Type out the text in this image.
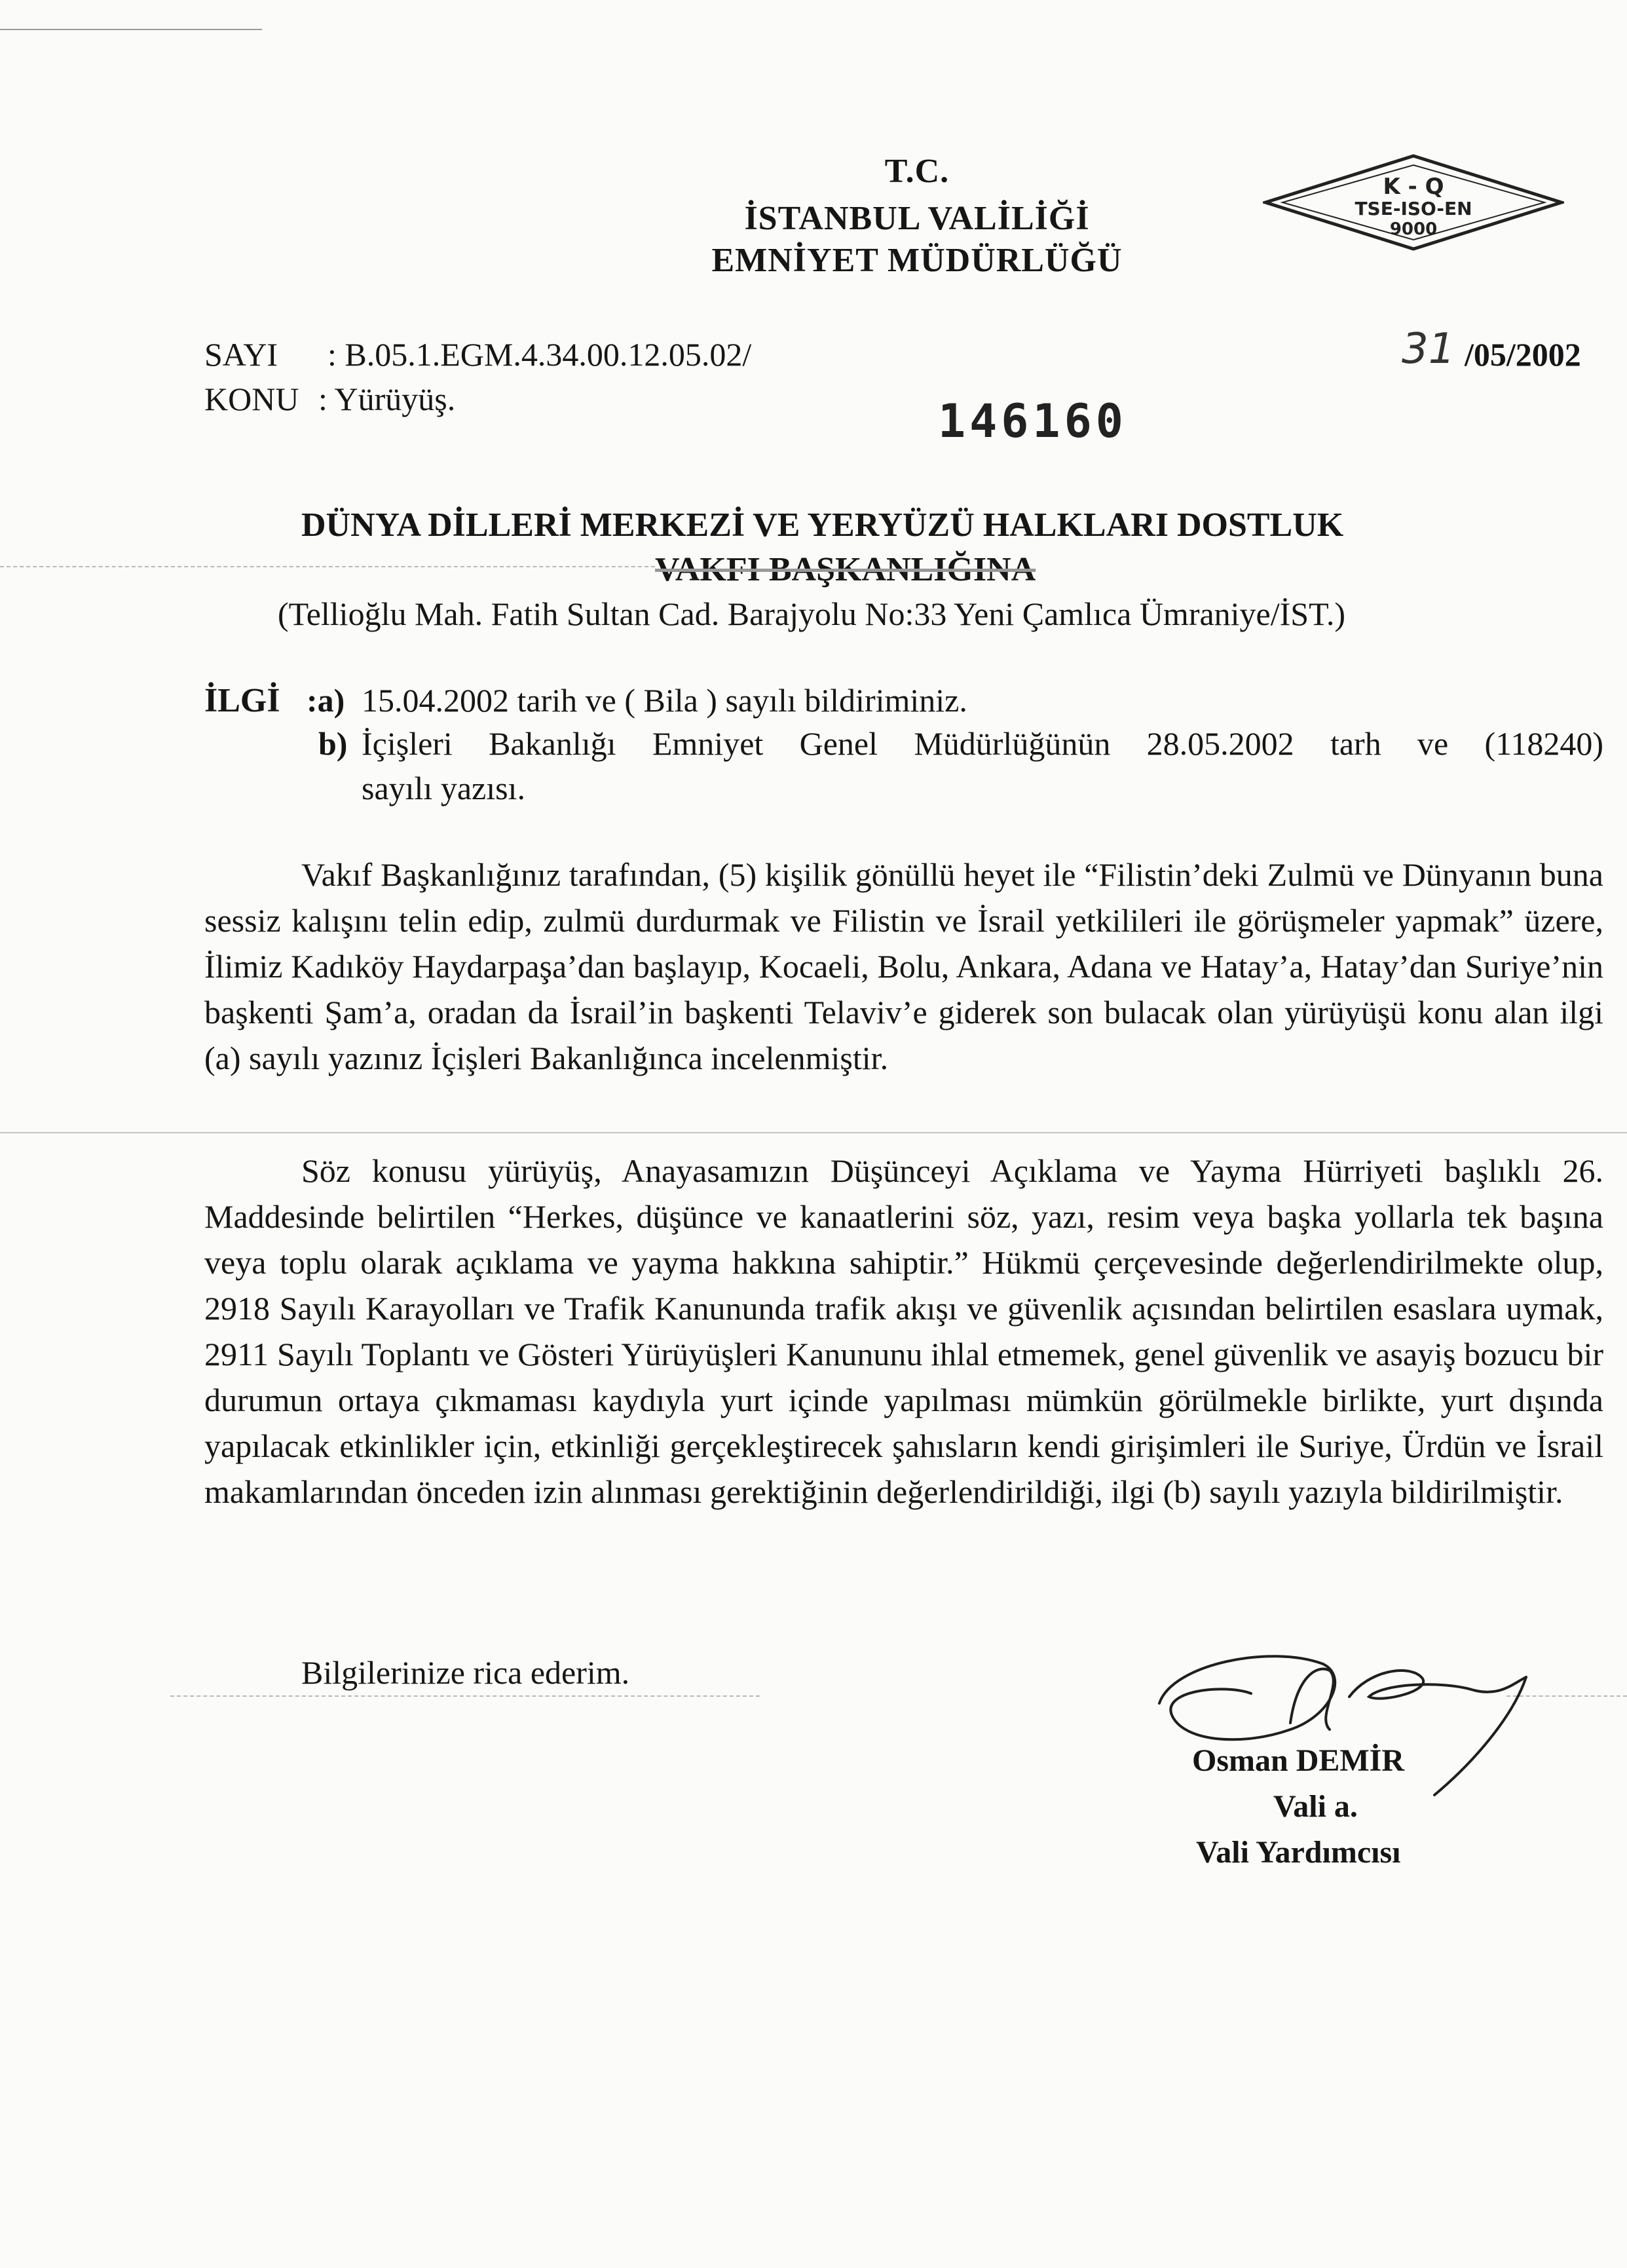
T.C.
İSTANBUL VALİLİĞİ
EMNİYET MÜDÜRLÜĞÜ
K - Q
TSE-ISO-EN
9000
SAYI : B.05.1.EGM.4.34.00.12.05.02/
KONU : Yürüyüş.
31 /05/2002
146160
DÜNYA DİLLERİ MERKEZİ VE YERYÜZÜ HALKLARI DOSTLUK
VAKFI BAŞKANLIĞINA
(Tellioğlu Mah. Fatih Sultan Cad. Barajyolu No:33 Yeni Çamlıca Ümraniye/İST.)
İLGİ :a) 15.04.2002 tarih ve ( Bila ) sayılı bildiriminiz.
b) İçişleri Bakanlığı Emniyet Genel Müdürlüğünün 28.05.2002 tarh ve (118240)
sayılı yazısı.
Vakıf Başkanlığınız tarafından, (5) kişilik gönüllü heyet ile “Filistin’deki Zulmü ve Dünyanın buna sessiz kalışını telin edip, zulmü durdurmak ve Filistin ve İsrail yetkilileri ile görüşmeler yapmak” üzere, İlimiz Kadıköy Haydarpaşa’dan başlayıp, Kocaeli, Bolu, Ankara, Adana ve Hatay’a, Hatay’dan Suriye’nin başkenti Şam’a, oradan da İsrail’in başkenti Telaviv’e giderek son bulacak olan yürüyüşü konu alan ilgi (a) sayılı yazınız İçişleri Bakanlığınca incelenmiştir.
Söz konusu yürüyüş, Anayasamızın Düşünceyi Açıklama ve Yayma Hürriyeti başlıklı 26. Maddesinde belirtilen “Herkes, düşünce ve kanaatlerini söz, yazı, resim veya başka yollarla tek başına veya toplu olarak açıklama ve yayma hakkına sahiptir.” Hükmü çerçevesinde değerlendirilmekte olup, 2918 Sayılı Karayolları ve Trafik Kanununda trafik akışı ve güvenlik açısından belirtilen esaslara uymak, 2911 Sayılı Toplantı ve Gösteri Yürüyüşleri Kanununu ihlal etmemek, genel güvenlik ve asayiş bozucu bir durumun ortaya çıkmaması kaydıyla yurt içinde yapılması mümkün görülmekle birlikte, yurt dışında yapılacak etkinlikler için, etkinliği gerçekleştirecek şahısların kendi girişimleri ile Suriye, Ürdün ve İsrail makamlarından önceden izin alınması gerektiğinin değerlendirildiği, ilgi (b) sayılı yazıyla bildirilmiştir.
Bilgilerinize rica ederim.
Osman DEMİR
Vali a.
Vali Yardımcısı
